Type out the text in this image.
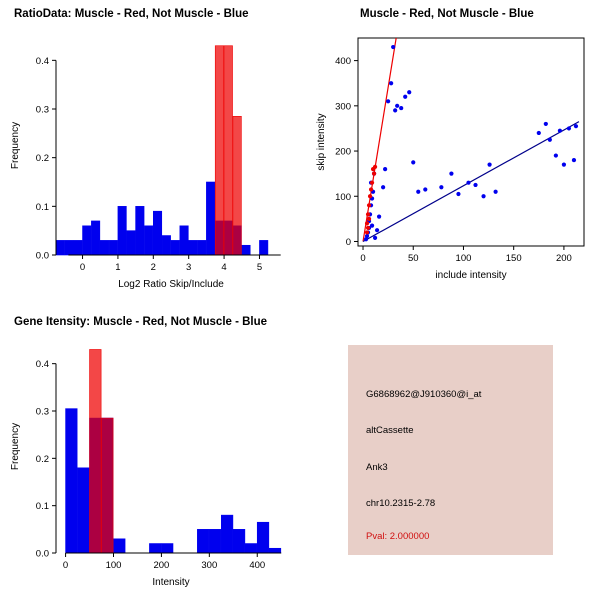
RatioData: Muscle - Red, Not Muscle - Blue
0	1	2	3	4	5
0.0
0.1
0.2
0.3
0.4
Log2 Ratio Skip/Include
Frequency
Muscle - Red, Not Muscle - Blue
0	50	100	150	200
0
100
200
300
400
include intensity
skip intensity
Gene Itensity: Muscle - Red, Not Muscle - Blue
0	100	200	300	400
0.0
0.1
0.2
0.3
0.4
Intensity
Frequency
G6868962@J910360@i_at
altCassette
Ank3
chr10.2315-2.78
Pval: 2.000000
